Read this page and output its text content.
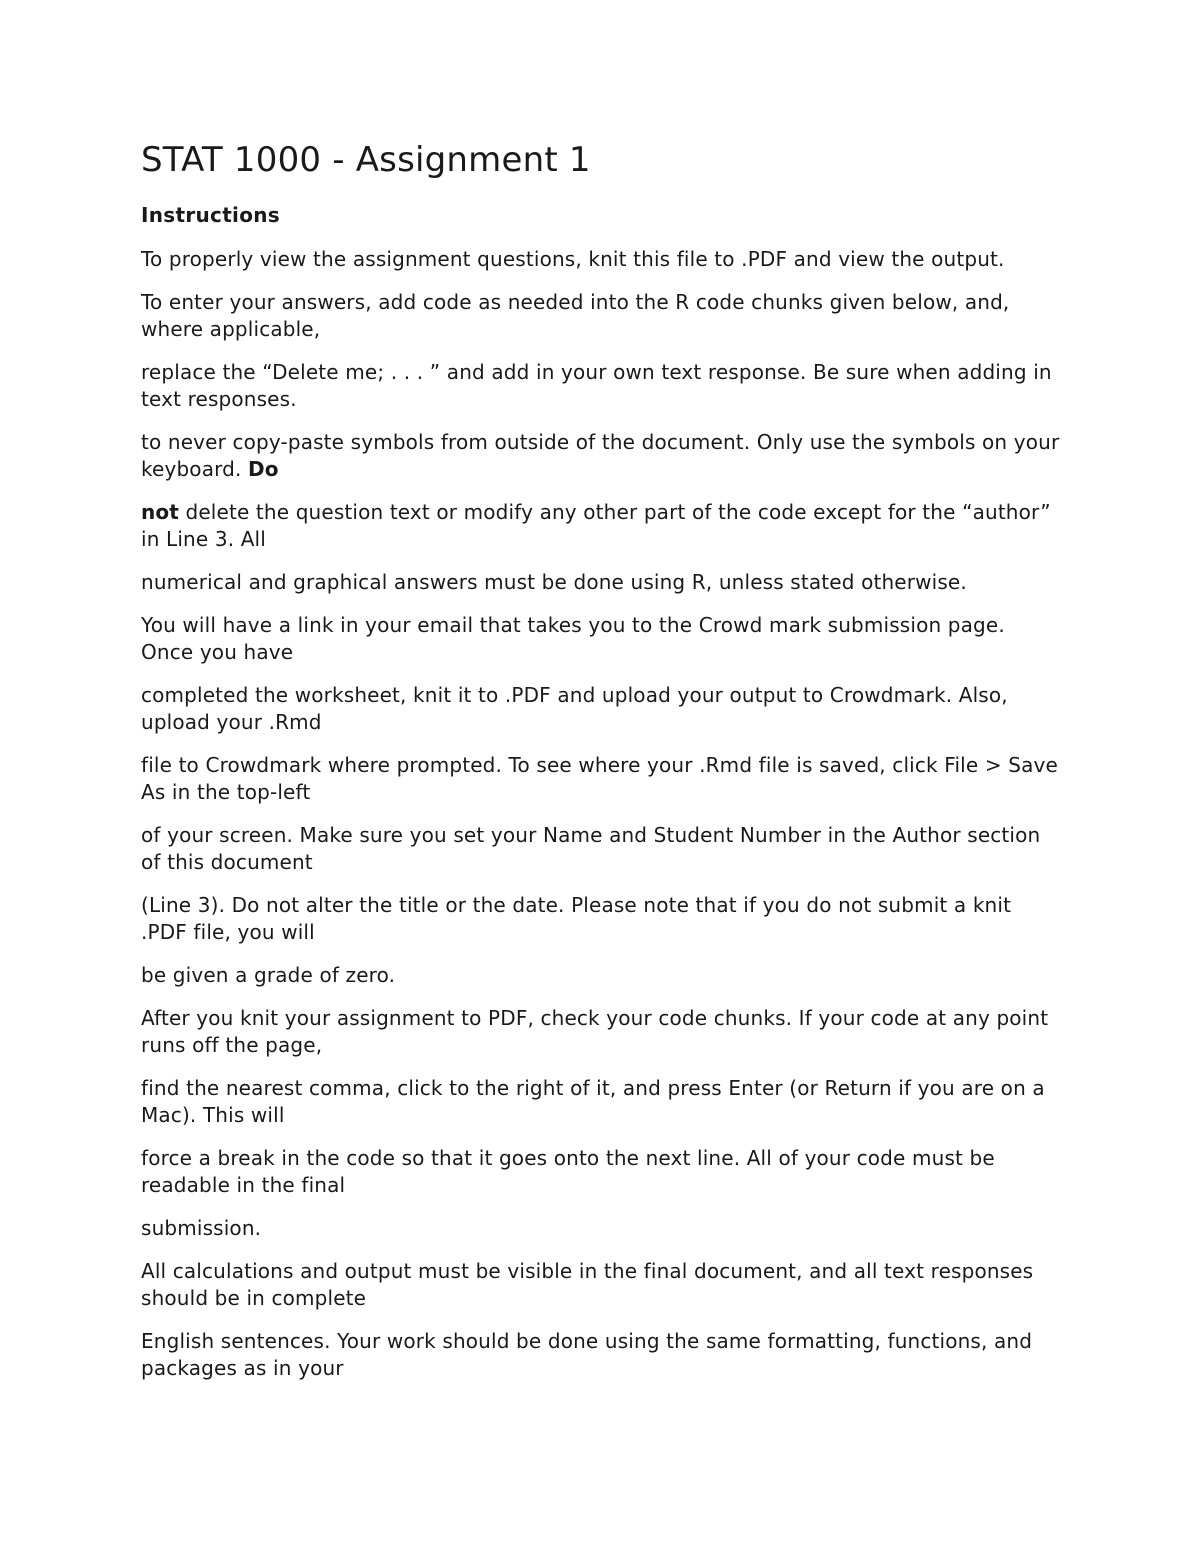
STAT 1000 - Assignment 1
Instructions

To properly view the assignment questions, knit this file to .PDF and view the output.

To enter your answers, add code as needed into the R code chunks given below, and, where applicable,

replace the “Delete me; . . . ” and add in your own text response. Be sure when adding in text responses.

to never copy-paste symbols from outside of the document. Only use the symbols on your keyboard. Do

not delete the question text or modify any other part of the code except for the “author” in Line 3. All

numerical and graphical answers must be done using R, unless stated otherwise.

You will have a link in your email that takes you to the Crowd mark submission page. Once you have

completed the worksheet, knit it to .PDF and upload your output to Crowdmark. Also, upload your .Rmd

file to Crowdmark where prompted. To see where your .Rmd file is saved, click File > Save As in the top-left

of your screen. Make sure you set your Name and Student Number in the Author section of this document

(Line 3). Do not alter the title or the date. Please note that if you do not submit a knit .PDF file, you will

be given a grade of zero.

After you knit your assignment to PDF, check your code chunks. If your code at any point runs off the page,

find the nearest comma, click to the right of it, and press Enter (or Return if you are on a Mac). This will

force a break in the code so that it goes onto the next line. All of your code must be readable in the final

submission.

All calculations and output must be visible in the final document, and all text responses should be in complete

English sentences. Your work should be done using the same formatting, functions, and packages as in your
